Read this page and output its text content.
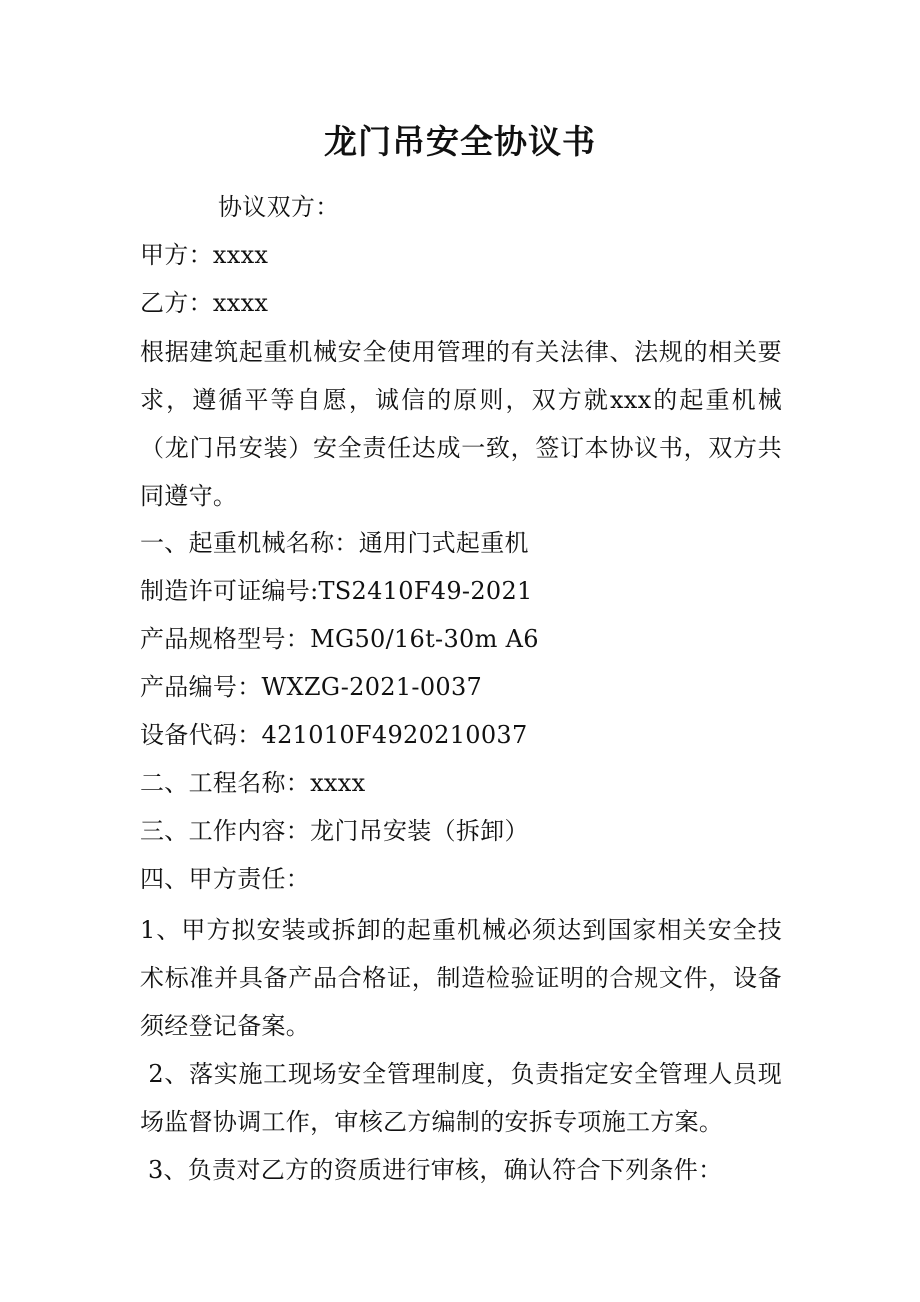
龙门吊安全协议书
协议双方：
甲方：xxxx
乙方：xxxx
根据建筑起重机械安全使用管理的有关法律、法规的相关要求，遵循平等自愿，诚信的原则，双方就xxx的起重机械（龙门吊安装）安全责任达成一致，签订本协议书，双方共同遵守。
一、起重机械名称：通用门式起重机
制造许可证编号:TS2410F49-2021
产品规格型号：MG50/16t-30m A6
产品编号：WXZG-2021-0037
设备代码：421010F4920210037
二、工程名称：xxxx
三、工作内容：龙门吊安装（拆卸）
四、甲方责任：
1、甲方拟安装或拆卸的起重机械必须达到国家相关安全技术标准并具备产品合格证，制造检验证明的合规文件，设备须经登记备案。
2、落实施工现场安全管理制度，负责指定安全管理人员现场监督协调工作，审核乙方编制的安拆专项施工方案。
3、负责对乙方的资质进行审核，确认符合下列条件：
